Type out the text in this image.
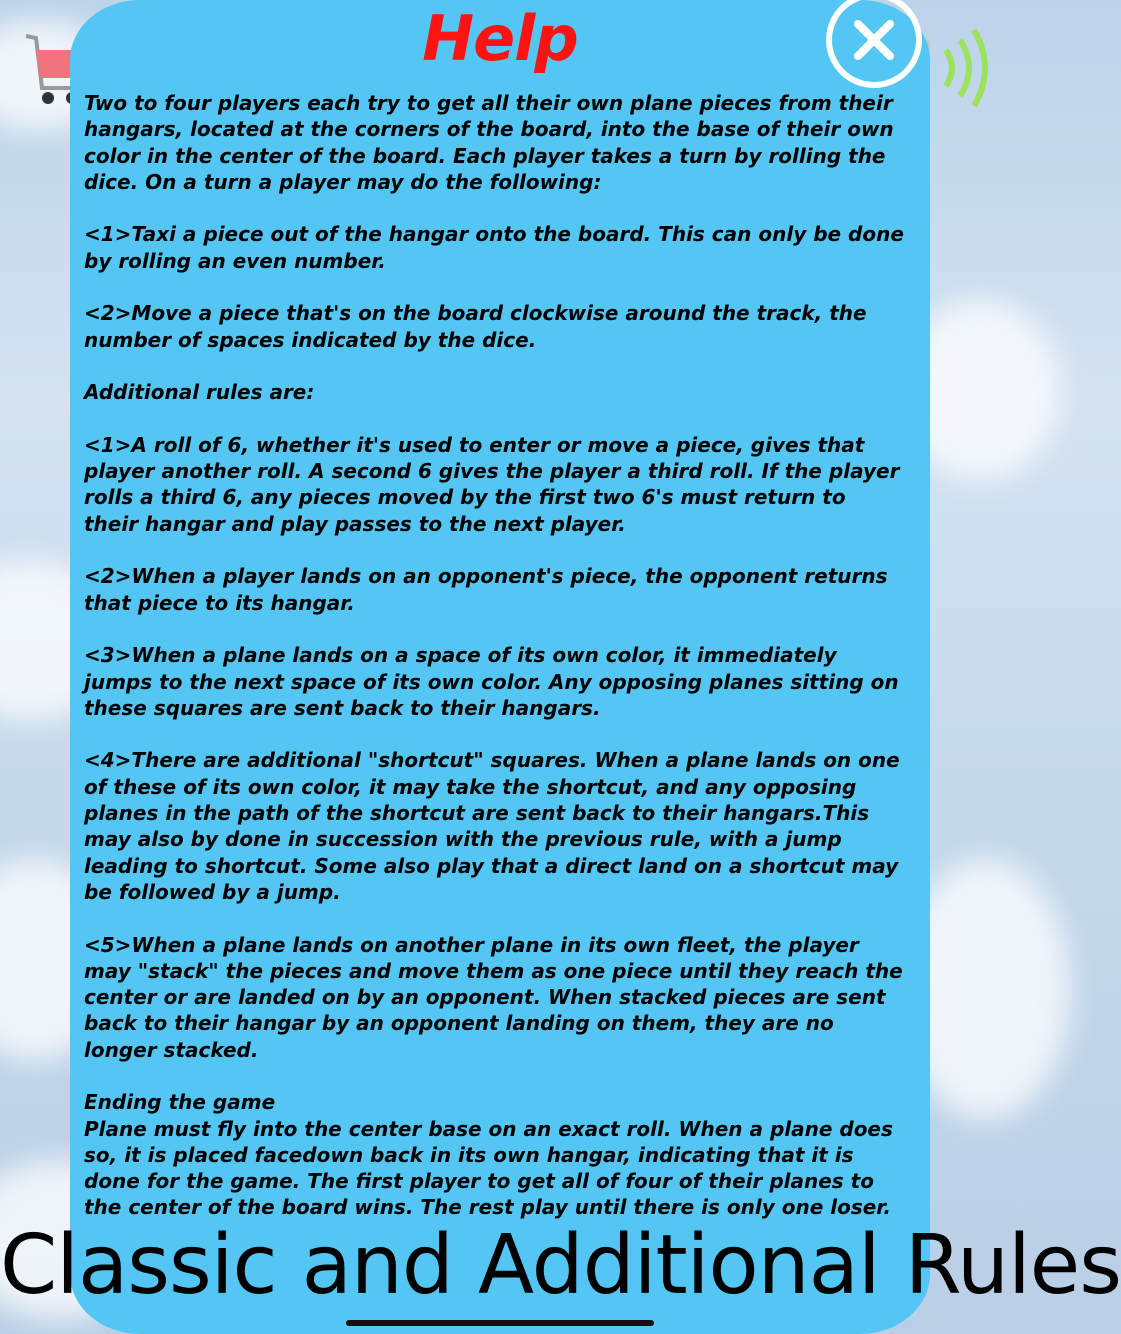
Help

Two to four players each try to get all their own plane pieces from their hangars, located at the corners of the board, into the base of their own color in the center of the board. Each player takes a turn by rolling the dice. On a turn a player may do the following:

<1>Taxi a piece out of the hangar onto the board. This can only be done by rolling an even number.

<2>Move a piece that's on the board clockwise around the track, the number of spaces indicated by the dice.

Additional rules are:

<1>A roll of 6, whether it's used to enter or move a piece, gives that player another roll. A second 6 gives the player a third roll. If the player rolls a third 6, any pieces moved by the first two 6's must return to their hangar and play passes to the next player.

<2>When a player lands on an opponent's piece, the opponent returns that piece to its hangar.

<3>When a plane lands on a space of its own color, it immediately jumps to the next space of its own color. Any opposing planes sitting on these squares are sent back to their hangars.

<4>There are additional "shortcut" squares. When a plane lands on one of these of its own color, it may take the shortcut, and any opposing planes in the path of the shortcut are sent back to their hangars.This may also by done in succession with the previous rule, with a jump leading to shortcut. Some also play that a direct land on a shortcut may be followed by a jump.

<5>When a plane lands on another plane in its own fleet, the player may "stack" the pieces and move them as one piece until they reach the center or are landed on by an opponent. When stacked pieces are sent back to their hangar by an opponent landing on them, they are no longer stacked.

Ending the game
Plane must fly into the center base on an exact roll. When a plane does so, it is placed facedown back in its own hangar, indicating that it is done for the game. The first player to get all of four of their planes to the center of the board wins. The rest play until there is only one loser.
Classic and Additional Rules
